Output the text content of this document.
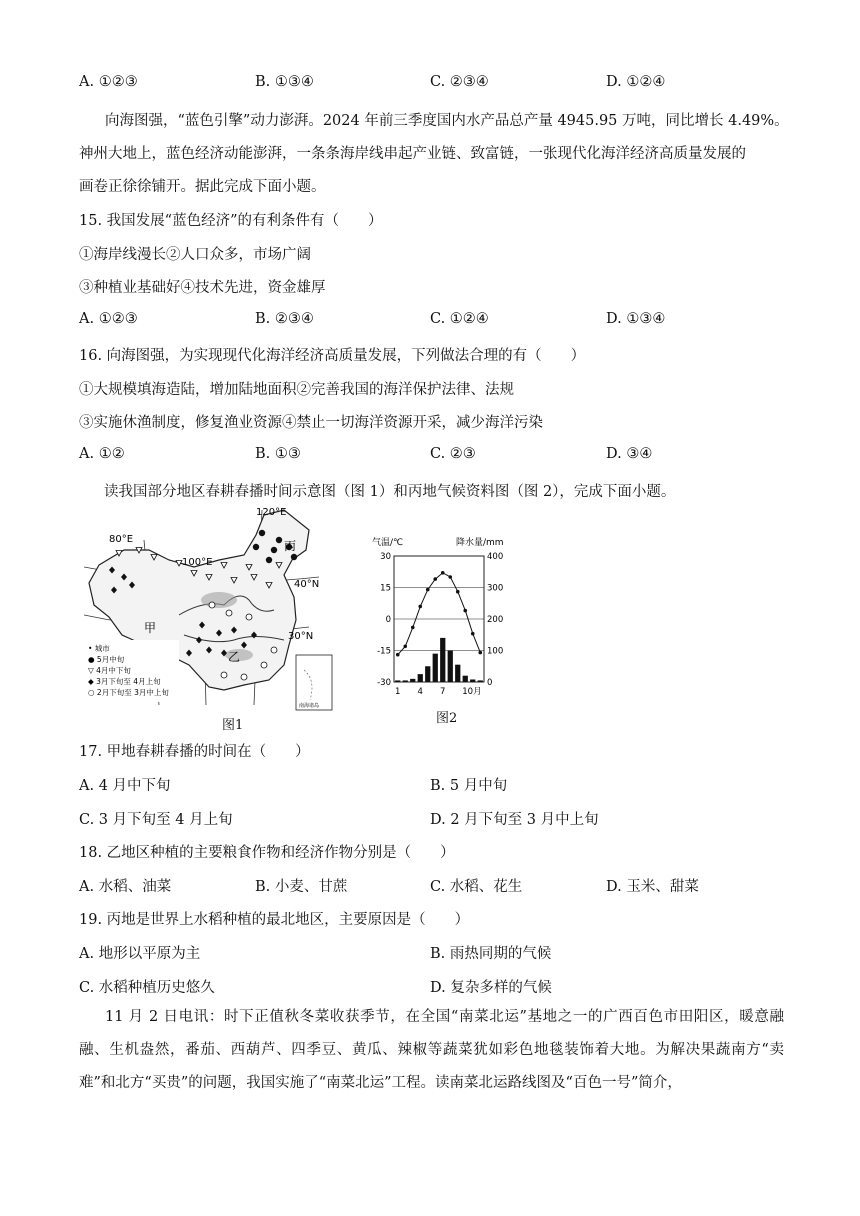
A. ①②③	B. ①③④	C. ②③④	D. ①②④
向海图强，“蓝色引擎”动力澎湃。2024 年前三季度国内水产品总产量 4945.95 万吨，同比增长 4.49%。
神州大地上，蓝色经济动能澎湃，一条条海岸线串起产业链、致富链，一张现代化海洋经济高质量发展的
画卷正徐徐铺开。据此完成下面小题。
15. 我国发展“蓝色经济”的有利条件有（　　）
①海岸线漫长②人口众多，市场广阔
③种植业基础好④技术先进，资金雄厚
A. ①②③	B. ②③④	C. ①②④	D. ①③④
16. 向海图强，为实现现代化海洋经济高质量发展，下列做法合理的有（　　）
①大规模填海造陆，增加陆地面积②完善我国的海洋保护法律、法规
③实施休渔制度，修复渔业资源④禁止一切海洋资源开采，减少海洋污染
A. ①②	B. ①③	C. ②③	D. ③④
读我国部分地区春耕春播时间示意图（图 1）和丙地气候资料图（图 2），完成下面小题。
120°E
80°E
100°E
40°N
30°N
丙
甲
乙
• 城市
● 5月中旬
▽ 4月中下旬
◆ 3月下旬至 4月上旬
○ 2月下旬至 3月中上旬
南海诸岛
图1
30
15
0
-15
-30
400
300
200
100
0
1 4 7 10月
气温/℃	降水量/mm
图2
17. 甲地春耕春播的时间在（　　）
A. 4 月中下旬	B. 5 月中旬
C. 3 月下旬至 4 月上旬	D. 2 月下旬至 3 月中上旬
18. 乙地区种植的主要粮食作物和经济作物分别是（　　）
A. 水稻、油菜	B. 小麦、甘蔗	C. 水稻、花生	D. 玉米、甜菜
19. 丙地是世界上水稻种植的最北地区，主要原因是（　　）
A. 地形以平原为主	B. 雨热同期的气候
C. 水稻种植历史悠久	D. 复杂多样的气候
11 月 2 日电讯：时下正值秋冬菜收获季节，在全国“南菜北运”基地之一的广西百色市田阳区，暖意融融、生机盎然，番茄、西葫芦、四季豆、黄瓜、辣椒等蔬菜犹如彩色地毯装饰着大地。为解决果蔬南方“卖难”和北方“买贵”的问题，我国实施了“南菜北运”工程。读南菜北运路线图及“百色一号”简介，
